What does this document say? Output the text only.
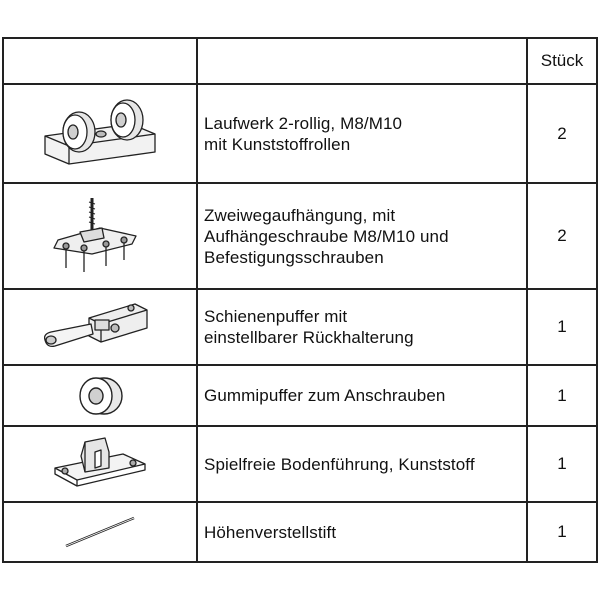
		Stück

Laufwerk 2-rollig, M8/M10
mit Kunststoffrollen	2

Zweiwegaufhängung, mit
Aufhängeschraube M8/M10 und
Befestigungsschrauben	2

Schienenpuffer mit
einstellbarer Rückhalterung	1

Gummipuffer zum Anschrauben	1

Spielfreie Bodenführung, Kunststoff	1

Höhenverstellstift	1
